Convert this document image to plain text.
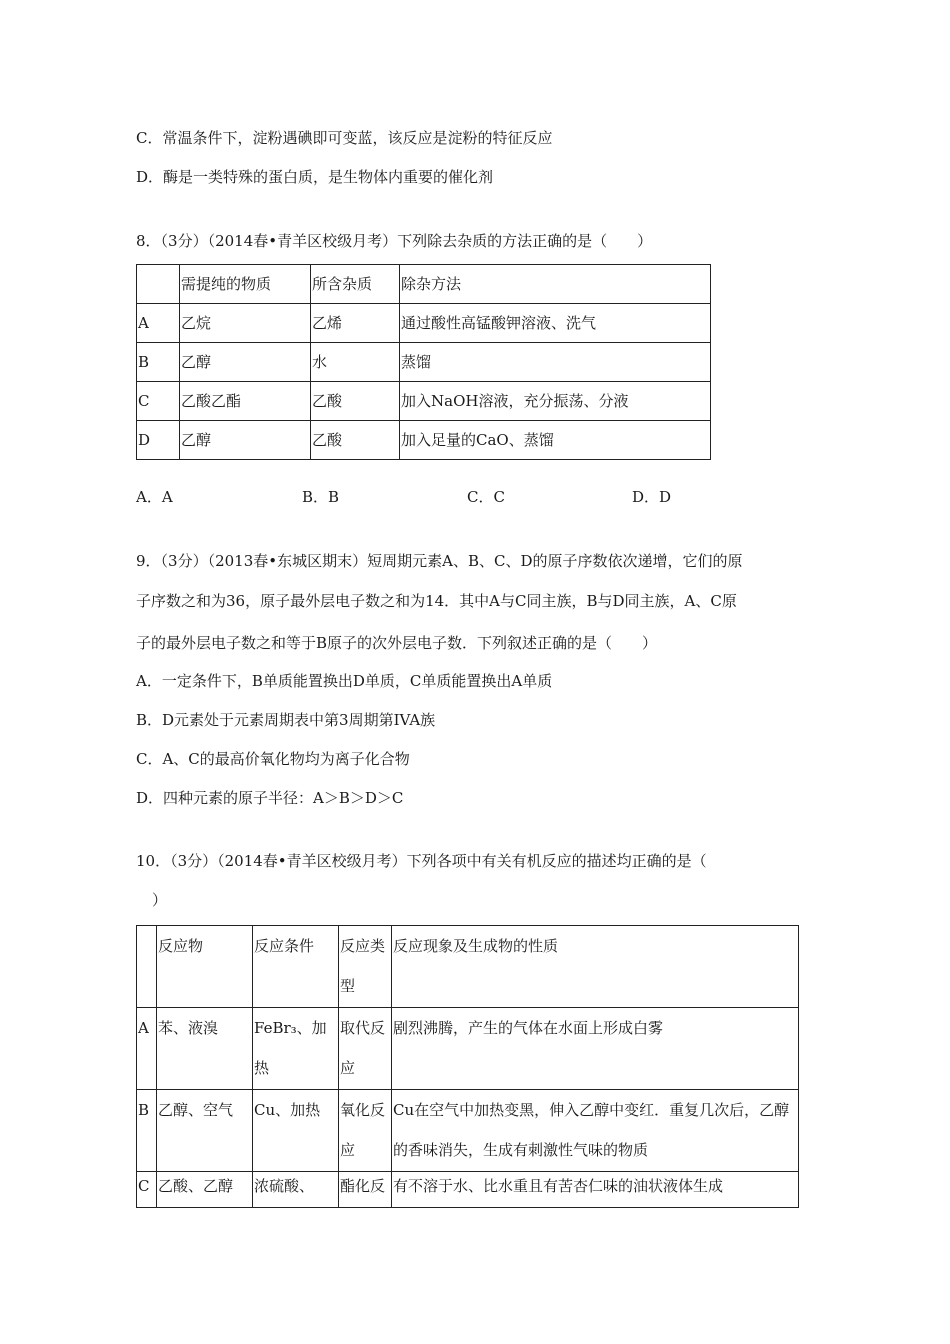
C．常温条件下，淀粉遇碘即可变蓝，该反应是淀粉的特征反应
D．酶是一类特殊的蛋白质，是生物体内重要的催化剂
8．（3分）（2014春•青羊区校级月考）下列除去杂质的方法正确的是（　　）
	需提纯的物质	所含杂质	除杂方法
A	乙烷	乙烯	通过酸性高锰酸钾溶液、洗气
B	乙醇	水	蒸馏
C	乙酸乙酯	乙酸	加入NaOH溶液，充分振荡、分液
D	乙醇	乙酸	加入足量的CaO、蒸馏
A．A	B．B	C．C	D．D
9．（3分）（2013春•东城区期末）短周期元素A、B、C、D的原子序数依次递增，它们的原
子序数之和为36，原子最外层电子数之和为14．其中A与C同主族，B与D同主族，A、C原
子的最外层电子数之和等于B原子的次外层电子数．下列叙述正确的是（　　）
A．一定条件下，B单质能置换出D单质，C单质能置换出A单质
B．D元素处于元素周期表中第3周期第IVA族
C．A、C的最高价氧化物均为离子化合物
D．四种元素的原子半径：A＞B＞D＞C
10．（3分）（2014春•青羊区校级月考）下列各项中有关有机反应的描述均正确的是（
）
	反应物	反应条件	反应类型	反应现象及生成物的性质
A	苯、液溴	FeBr₃、加热	取代反应	剧烈沸腾，产生的气体在水面上形成白雾
B	乙醇、空气	Cu、加热	氧化反应	Cu在空气中加热变黑，伸入乙醇中变红．重复几次后，乙醇的香味消失，生成有刺激性气味的物质
C	乙酸、乙醇	浓硫酸、	酯化反	有不溶于水、比水重且有苦杏仁味的油状液体生成
